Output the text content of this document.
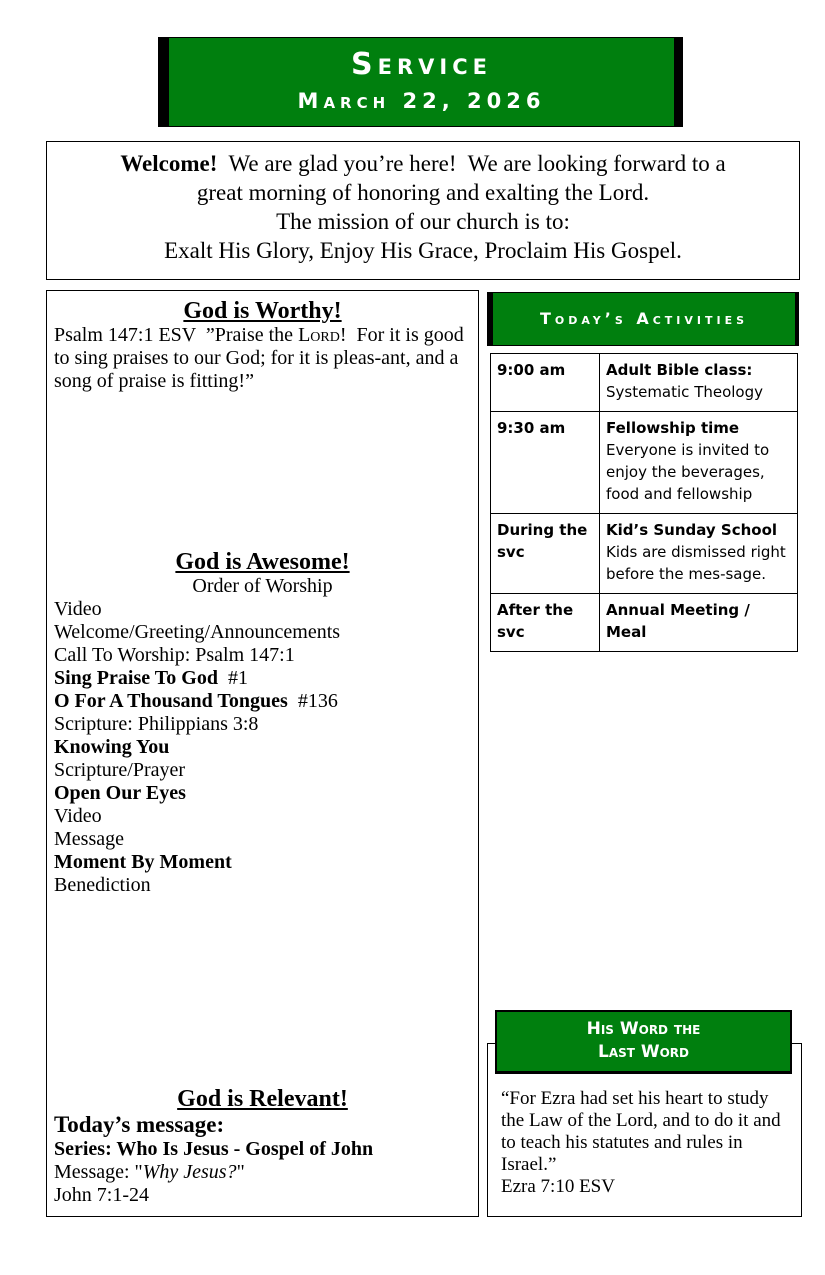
Service
March 22, 2026
Welcome!  We are glad you’re here!  We are looking forward to a
great morning of honoring and exalting the Lord.
The mission of our church is to:
Exalt His Glory, Enjoy His Grace, Proclaim His Gospel.
God is Worthy!
Psalm 147:1 ESV  ”Praise the Lord!  For it is good to sing praises to our God; for it is pleas-ant, and a song of praise is fitting!”
God is Awesome!
Order of Worship
Video
Welcome/Greeting/Announcements
Call To Worship: Psalm 147:1
Sing Praise To God  #1
O For A Thousand Tongues  #136
Scripture: Philippians 3:8
Knowing You
Scripture/Prayer
Open Our Eyes
Video
Message
Moment By Moment
Benediction
God is Relevant!
Today’s message:
Series: Who Is Jesus - Gospel of John
Message: "Why Jesus?"
John 7:1-24
Today’s Activities
9:00 am	Adult Bible class:
Systematic Theology

9:30 am	Fellowship time
Everyone is invited to enjoy the beverages, food and fellowship

During the svc	Kid’s Sunday School
Kids are dismissed right before the mes-sage.

After the svc	Annual Meeting / Meal
His Word the
Last Word
“For Ezra had set his heart to study the Law of the Lord, and to do it and to teach his statutes and rules in Israel.”
Ezra 7:10 ESV
